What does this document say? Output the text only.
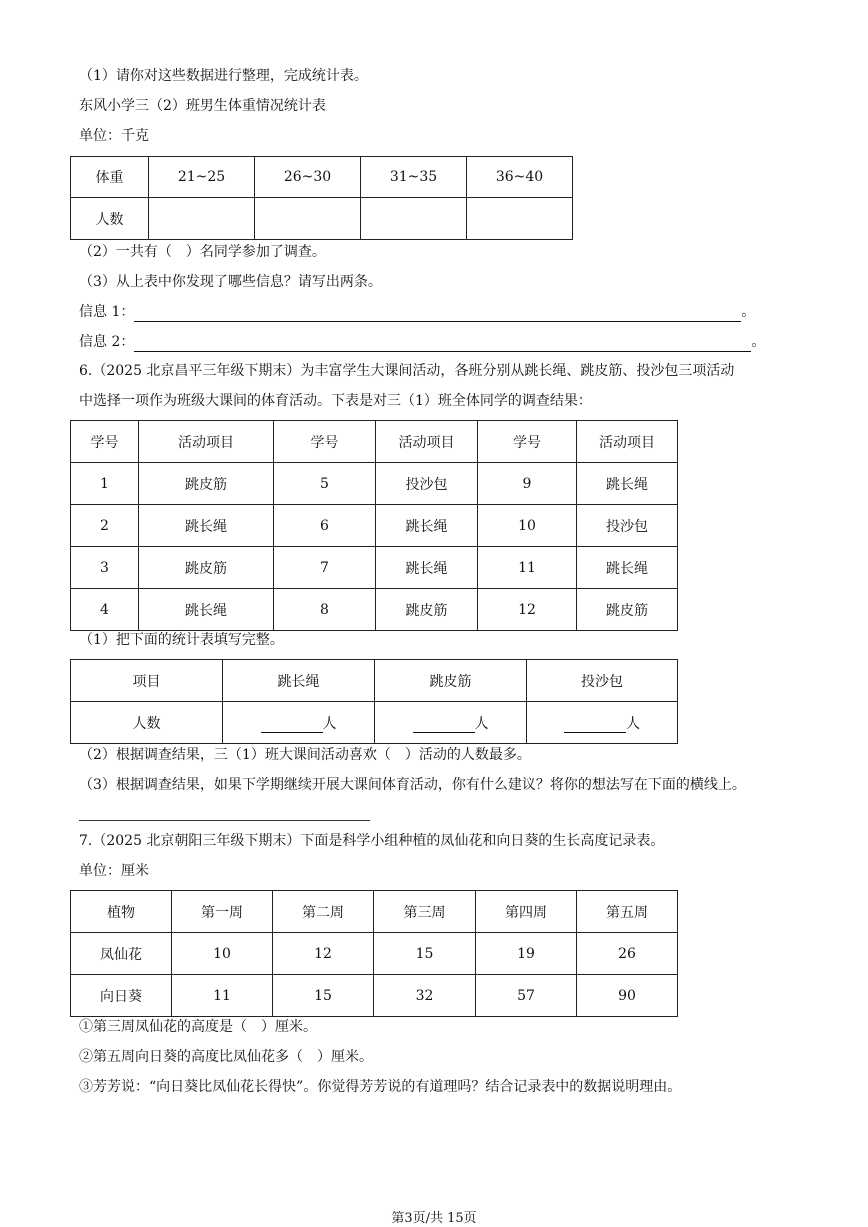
（1）请你对这些数据进行整理，完成统计表。
东风小学三（2）班男生体重情况统计表
单位：千克
体重	21~25	26~30	31~35	36~40
人数				
（2）一共有（　）名同学参加了调查。
（3）从上表中你发现了哪些信息？请写出两条。
信息 1：	。
信息 2：	。
6.（2025 北京昌平三年级下期末）为丰富学生大课间活动，各班分别从跳长绳、跳皮筋、投沙包三项活动
中选择一项作为班级大课间的体育活动。下表是对三（1）班全体同学的调查结果：
学号	活动项目	学号	活动项目	学号	活动项目
1	跳皮筋	5	投沙包	9	跳长绳
2	跳长绳	6	跳长绳	10	投沙包
3	跳皮筋	7	跳长绳	11	跳长绳
4	跳长绳	8	跳皮筋	12	跳皮筋
（1）把下面的统计表填写完整。
项目	跳长绳	跳皮筋	投沙包
人数	人	人	人
（2）根据调查结果，三（1）班大课间活动喜欢（　）活动的人数最多。
（3）根据调查结果，如果下学期继续开展大课间体育活动，你有什么建议？将你的想法写在下面的横线上。
7.（2025 北京朝阳三年级下期末）下面是科学小组种植的凤仙花和向日葵的生长高度记录表。
单位：厘米
植物	第一周	第二周	第三周	第四周	第五周
凤仙花	10	12	15	19	26
向日葵	11	15	32	57	90
①第三周凤仙花的高度是（　）厘米。
②第五周向日葵的高度比凤仙花多（　）厘米。
③芳芳说：“向日葵比凤仙花长得快”。你觉得芳芳说的有道理吗？结合记录表中的数据说明理由。
第3页/共 15页
